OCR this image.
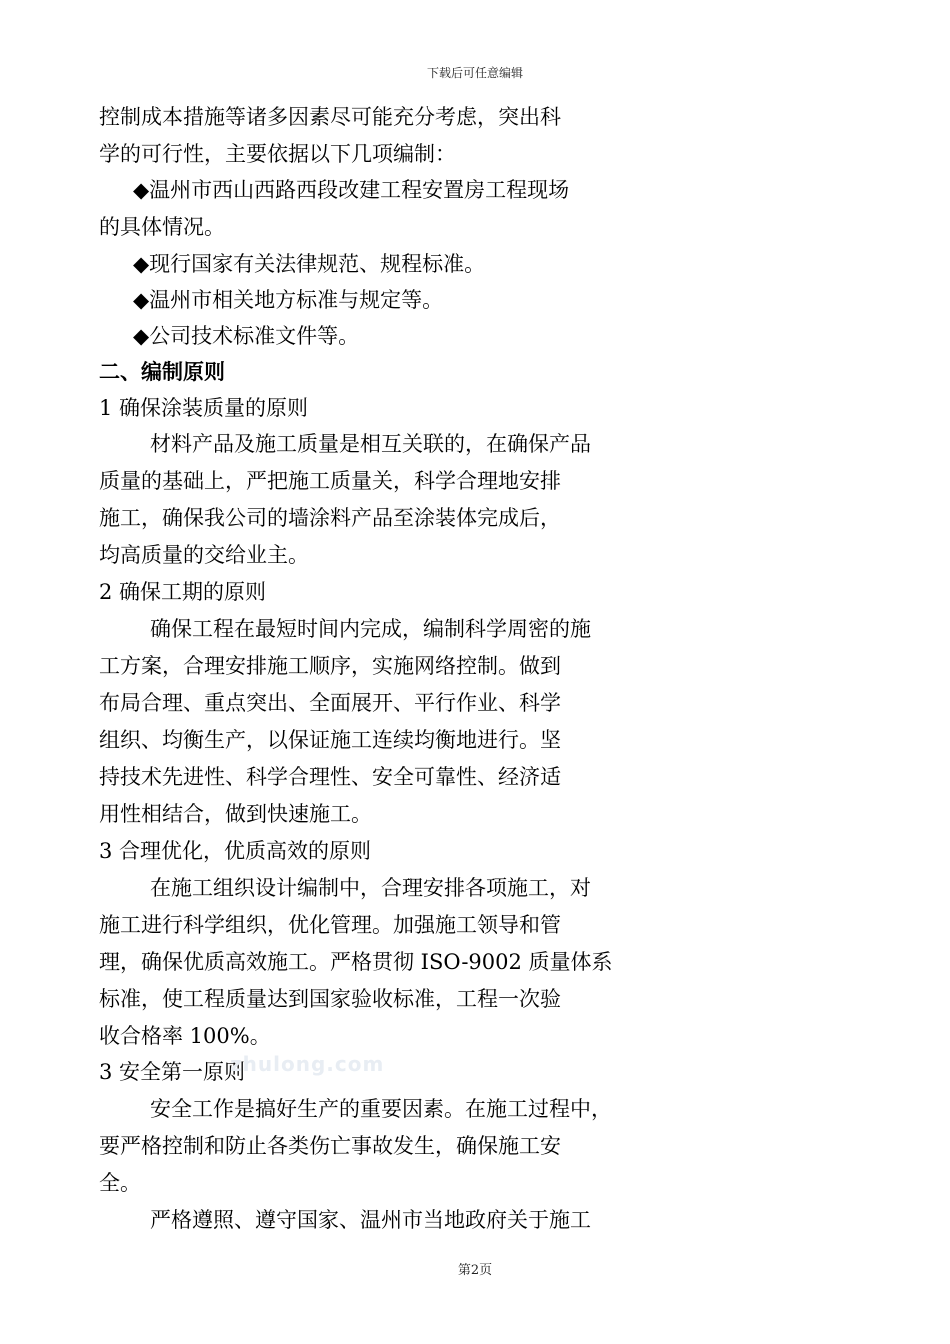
下载后可任意编辑
控制成本措施等诸多因素尽可能充分考虑，突出科
学的可行性，主要依据以下几项编制：
◆温州市西山西路西段改建工程安置房工程现场
的具体情况。
◆现行国家有关法律规范、规程标准。
◆温州市相关地方标准与规定等。
◆公司技术标准文件等。
二、编制原则
1 确保涂装质量的原则
材料产品及施工质量是相互关联的，在确保产品
质量的基础上，严把施工质量关，科学合理地安排
施工，确保我公司的墙涂料产品至涂装体完成后，
均高质量的交给业主。
2 确保工期的原则
确保工程在最短时间内完成，编制科学周密的施
工方案，合理安排施工顺序，实施网络控制。做到
布局合理、重点突出、全面展开、平行作业、科学
组织、均衡生产，以保证施工连续均衡地进行。坚
持技术先进性、科学合理性、安全可靠性、经济适
用性相结合，做到快速施工。
3 合理优化，优质高效的原则
在施工组织设计编制中，合理安排各项施工，对
施工进行科学组织，优化管理。加强施工领导和管
理，确保优质高效施工。严格贯彻 ISO-9002 质量体系
标准，使工程质量达到国家验收标准，工程一次验
收合格率 100%。
3 安全第一原则
安全工作是搞好生产的重要因素。在施工过程中，
要严格控制和防止各类伤亡事故发生，确保施工安
全。
严格遵照、遵守国家、温州市当地政府关于施工
zhulong.com
第2页
